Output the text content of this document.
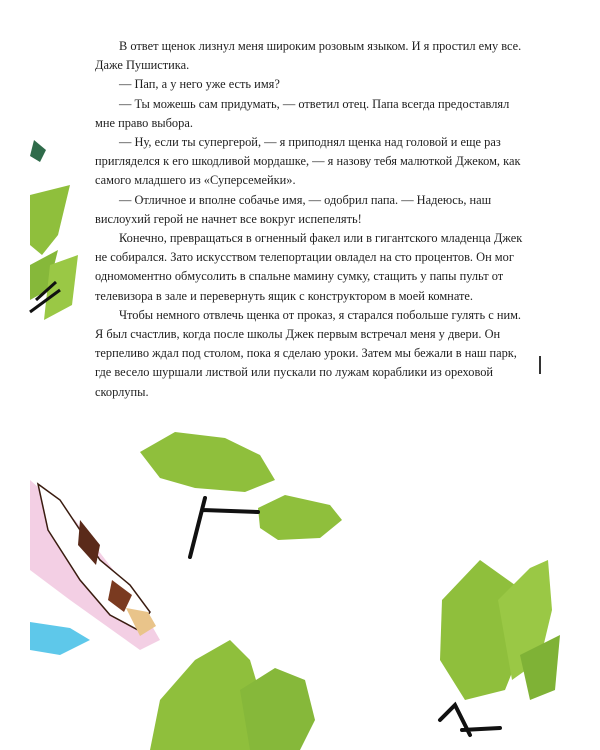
В ответ щенок лизнул меня широким розовым языком. И я простил ему все. Даже Пушистика.

— Пап, а у него уже есть имя?

— Ты можешь сам придумать, — ответил отец. Папа всегда предоставлял мне право выбора.

— Ну, если ты супергерой, — я приподнял щенка над головой и еще раз пригляделся к его шкодливой мордашке, — я назову тебя малюткой Джеком, как самого младшего из «Суперсемейки».

— Отличное и вполне собачье имя, — одобрил папа. — Надеюсь, наш вислоухий герой не начнет все вокруг испепелять!

Конечно, превращаться в огненный факел или в гигантского младенца Джек не собирался. Зато искусством телепортации овладел на сто процентов. Он мог одномоментно обмусолить в спальне мамину сумку, стащить у папы пульт от телевизора в зале и перевернуть ящик с конструктором в моей комнате.

Чтобы немного отвлечь щенка от проказ, я старался побольше гулять с ним. Я был счастлив, когда после школы Джек первым встречал меня у двери. Он терпеливо ждал под столом, пока я сделаю уроки. Затем мы бежали в наш парк, где весело шуршали листвой или пускали по лужам кораблики из ореховой скорлупы.
